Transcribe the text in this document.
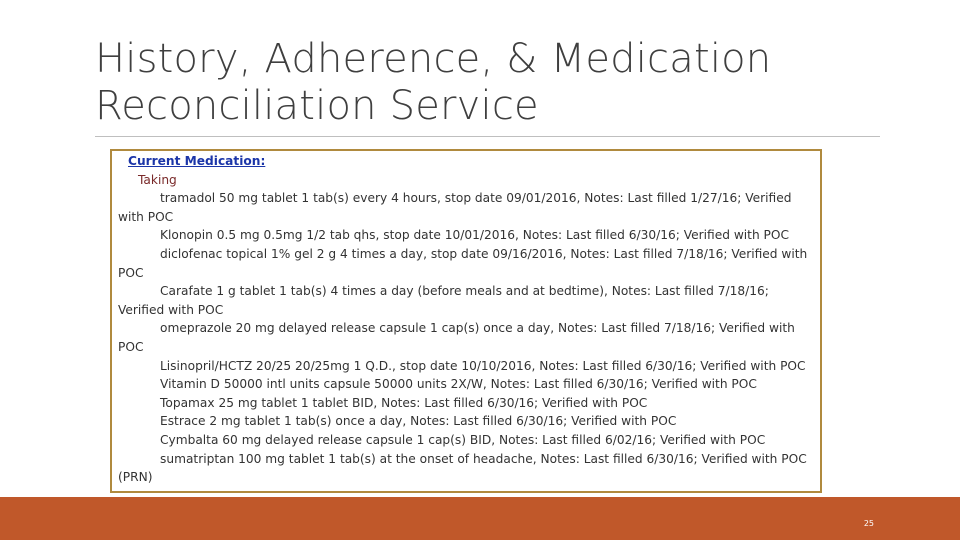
History, Adherence, & Medication
Reconciliation Service
Current Medication:
Taking
tramadol 50 mg tablet 1 tab(s) every 4 hours, stop date 09/01/2016, Notes: Last filled 1/27/16; Verified with POC
Klonopin 0.5 mg 0.5mg 1/2 tab qhs, stop date 10/01/2016, Notes: Last filled 6/30/16; Verified with POC
diclofenac topical 1% gel 2 g 4 times a day, stop date 09/16/2016, Notes: Last filled 7/18/16; Verified with POC
Carafate 1 g tablet 1 tab(s) 4 times a day (before meals and at bedtime), Notes: Last filled 7/18/16; Verified with POC
omeprazole 20 mg delayed release capsule 1 cap(s) once a day, Notes: Last filled 7/18/16; Verified with POC
Lisinopril/HCTZ 20/25 20/25mg 1 Q.D., stop date 10/10/2016, Notes: Last filled 6/30/16; Verified with POC
Vitamin D 50000 intl units capsule 50000 units 2X/W, Notes: Last filled 6/30/16; Verified with POC
Topamax 25 mg tablet 1 tablet BID, Notes: Last filled 6/30/16; Verified with POC
Estrace 2 mg tablet 1 tab(s) once a day, Notes: Last filled 6/30/16; Verified with POC
Cymbalta 60 mg delayed release capsule 1 cap(s) BID, Notes: Last filled 6/02/16; Verified with POC
sumatriptan 100 mg tablet 1 tab(s) at the onset of headache, Notes: Last filled 6/30/16; Verified with POC (PRN)
25
